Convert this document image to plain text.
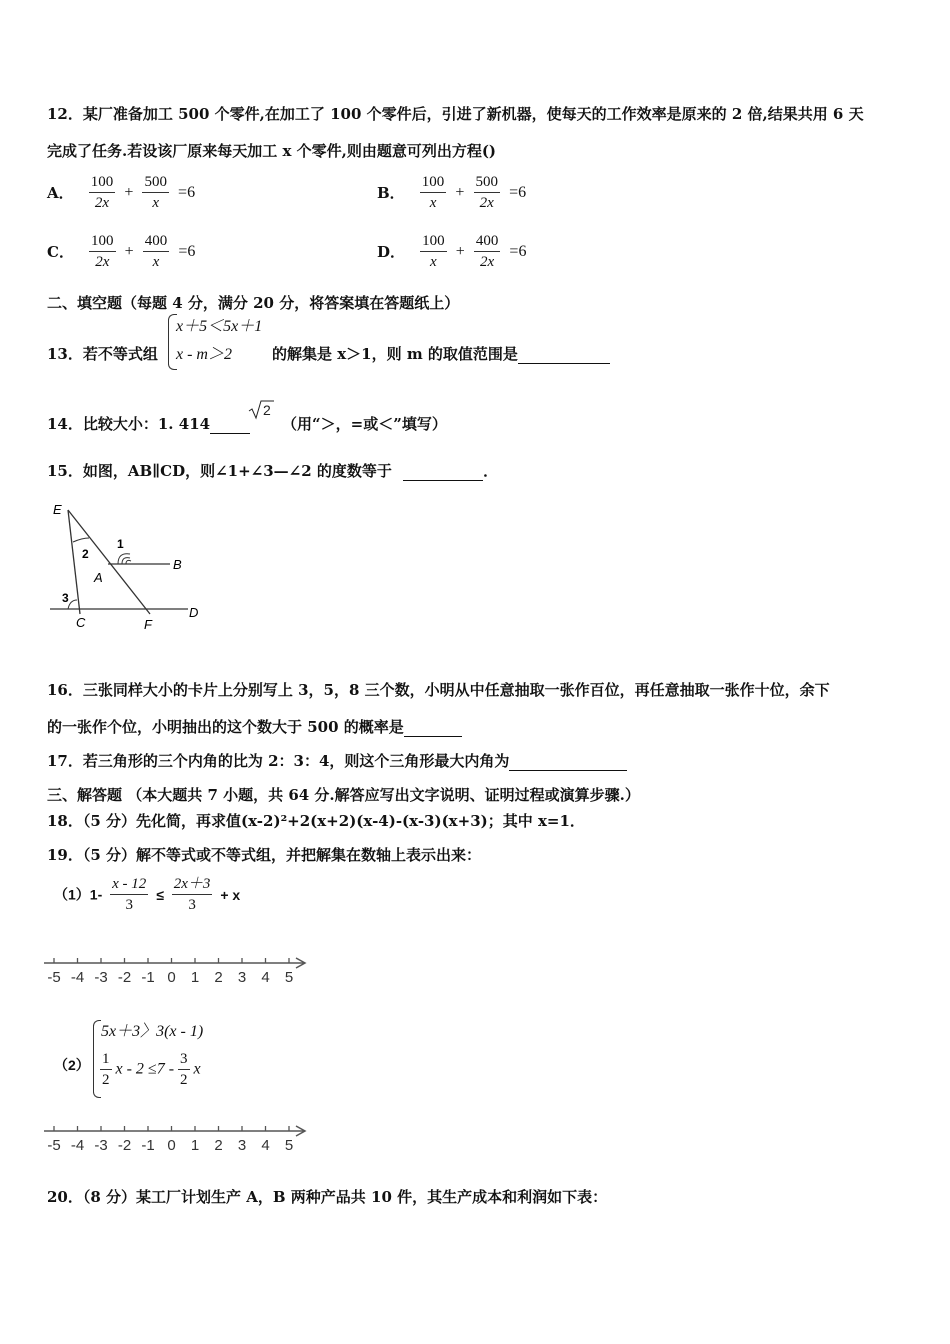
12．某厂准备加工 500 个零件,在加工了 100 个零件后，引进了新机器，使每天的工作效率是原来的 2 倍,结果共用 6 天
完成了任务.若设该厂原来每天加工 x 个零件,则由题意可列出方程()
A． $\frac{100}{2x} + \frac{500}{x} =6$	B． $\frac{100}{x} + \frac{500}{2x} =6$
C． $\frac{100}{2x} + \frac{400}{x} =6$	D． $\frac{100}{x} + \frac{400}{2x} =6$
二、填空题（每题 4 分，满分 20 分，将答案填在答题纸上）
13．若不等式组
x＋5＜5x＋1
x - m＞2	的解集是 x＞1，则 m 的取值范围是
14．比较大小：1. 414
2
（用“＞，=或＜”填写）
15．如图，AB∥CD，则∠1+∠3—∠2 的度数等于	．
E
B
A
C	F
D
1
2
3
16．三张同样大小的卡片上分别写上 3，5，8 三个数，小明从中任意抽取一张作百位，再任意抽取一张作十位，余下
的一张作个位，小明抽出的这个数大于 500 的概率是
17．若三角形的三个内角的比为 2：3：4，则这个三角形最大内角为
三、解答题 （本大题共 7 小题，共 64 分.解答应写出文字说明、证明过程或演算步骤.）
18．（5 分）先化简，再求值(x-2)²+2(x+2)(x-4)-(x-3)(x+3)；其中 x=1．
19．（5 分）解不等式或不等式组，并把解集在数轴上表示出来：
$(1)1- \frac{x - 12}{3} \le \frac{2x+3}{3} + x$
-5 -4 -3 -2 -1 0 1 2 3 4 5
（2）
5x＋3〉3(x - 1)
$\frac{1}{2}$ $x - 2 \le 7 - \frac{3}{2}$ x
-5 -4 -3 -2 -1 0 1 2 3 4 5
20．（8 分）某工厂计划生产 A，B 两种产品共 10 件，其生产成本和利润如下表：
